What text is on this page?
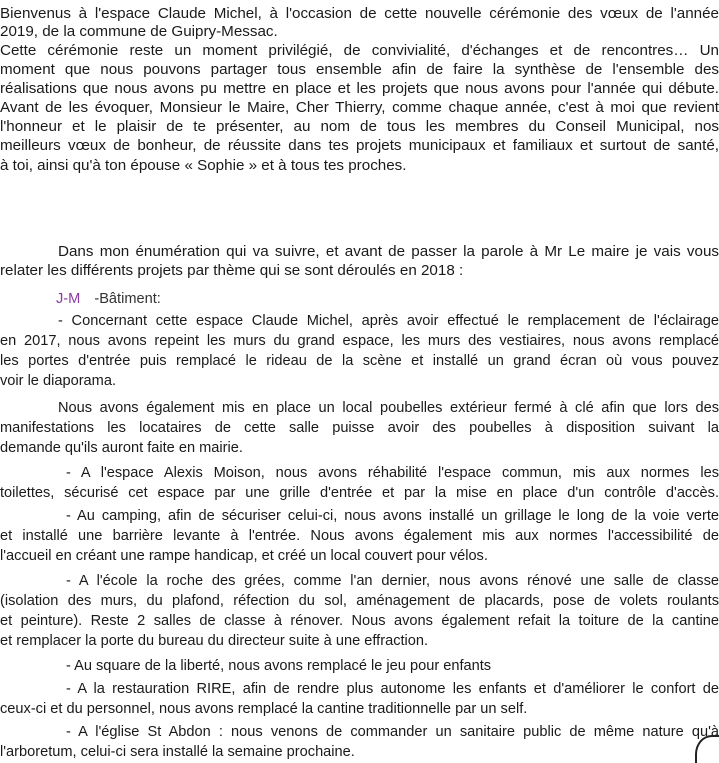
Bienvenus à l'espace Claude Michel, à l'occasion de cette nouvelle cérémonie des vœux de l'année
2019, de la commune de Guipry-Messac.
Cette cérémonie reste un moment privilégié, de convivialité, d'échanges et de rencontres… Un
moment que nous pouvons partager tous ensemble afin de faire la synthèse de l'ensemble des
réalisations que nous avons pu mettre en place et les projets que nous avons pour l'année qui débute.
Avant de les évoquer, Monsieur le Maire, Cher Thierry, comme chaque année, c'est à moi que revient
l'honneur et le plaisir de te présenter, au nom de tous les membres du Conseil Municipal, nos
meilleurs vœux de bonheur, de réussite dans tes projets municipaux et familiaux et surtout de santé,
à toi, ainsi qu'à ton épouse « Sophie » et à tous tes proches.
Dans mon énumération qui va suivre, et avant de passer la parole à Mr Le maire je vais vous
relater les différents projets par thème qui se sont déroulés en 2018 :
J-M -Bâtiment:
- Concernant cette espace Claude Michel, après avoir effectué le remplacement de l'éclairage
en 2017, nous avons repeint les murs du grand espace, les murs des vestiaires, nous avons remplacé
les portes d'entrée puis remplacé le rideau de la scène et installé un grand écran où vous pouvez
voir le diaporama.
Nous avons également mis en place un local poubelles extérieur fermé à clé afin que lors des
manifestations les locataires de cette salle puisse avoir des poubelles à disposition suivant la
demande qu'ils auront faite en mairie.
- A l'espace Alexis Moison, nous avons réhabilité l'espace commun, mis aux normes les
toilettes, sécurisé cet espace par une grille d'entrée et par la mise en place d'un contrôle d'accès.
- Au camping, afin de sécuriser celui-ci, nous avons installé un grillage le long de la voie verte
et installé une barrière levante à l'entrée. Nous avons également mis aux normes l'accessibilité de
l'accueil en créant une rampe handicap, et créé un local couvert pour vélos.
- A l'école la roche des grées, comme l'an dernier, nous avons rénové une salle de classe
(isolation des murs, du plafond, réfection du sol, aménagement de placards, pose de volets roulants
et peinture). Reste 2 salles de classe à rénover. Nous avons également refait la toiture de la cantine
et remplacer la porte du bureau du directeur suite à une effraction.
- Au square de la liberté, nous avons remplacé le jeu pour enfants
- A la restauration RIRE, afin de rendre plus autonome les enfants et d'améliorer le confort de
ceux-ci et du personnel, nous avons remplacé la cantine traditionnelle par un self.
- A l'église St Abdon : nous venons de commander un sanitaire public de même nature qu'à
l'arboretum, celui-ci sera installé la semaine prochaine.
